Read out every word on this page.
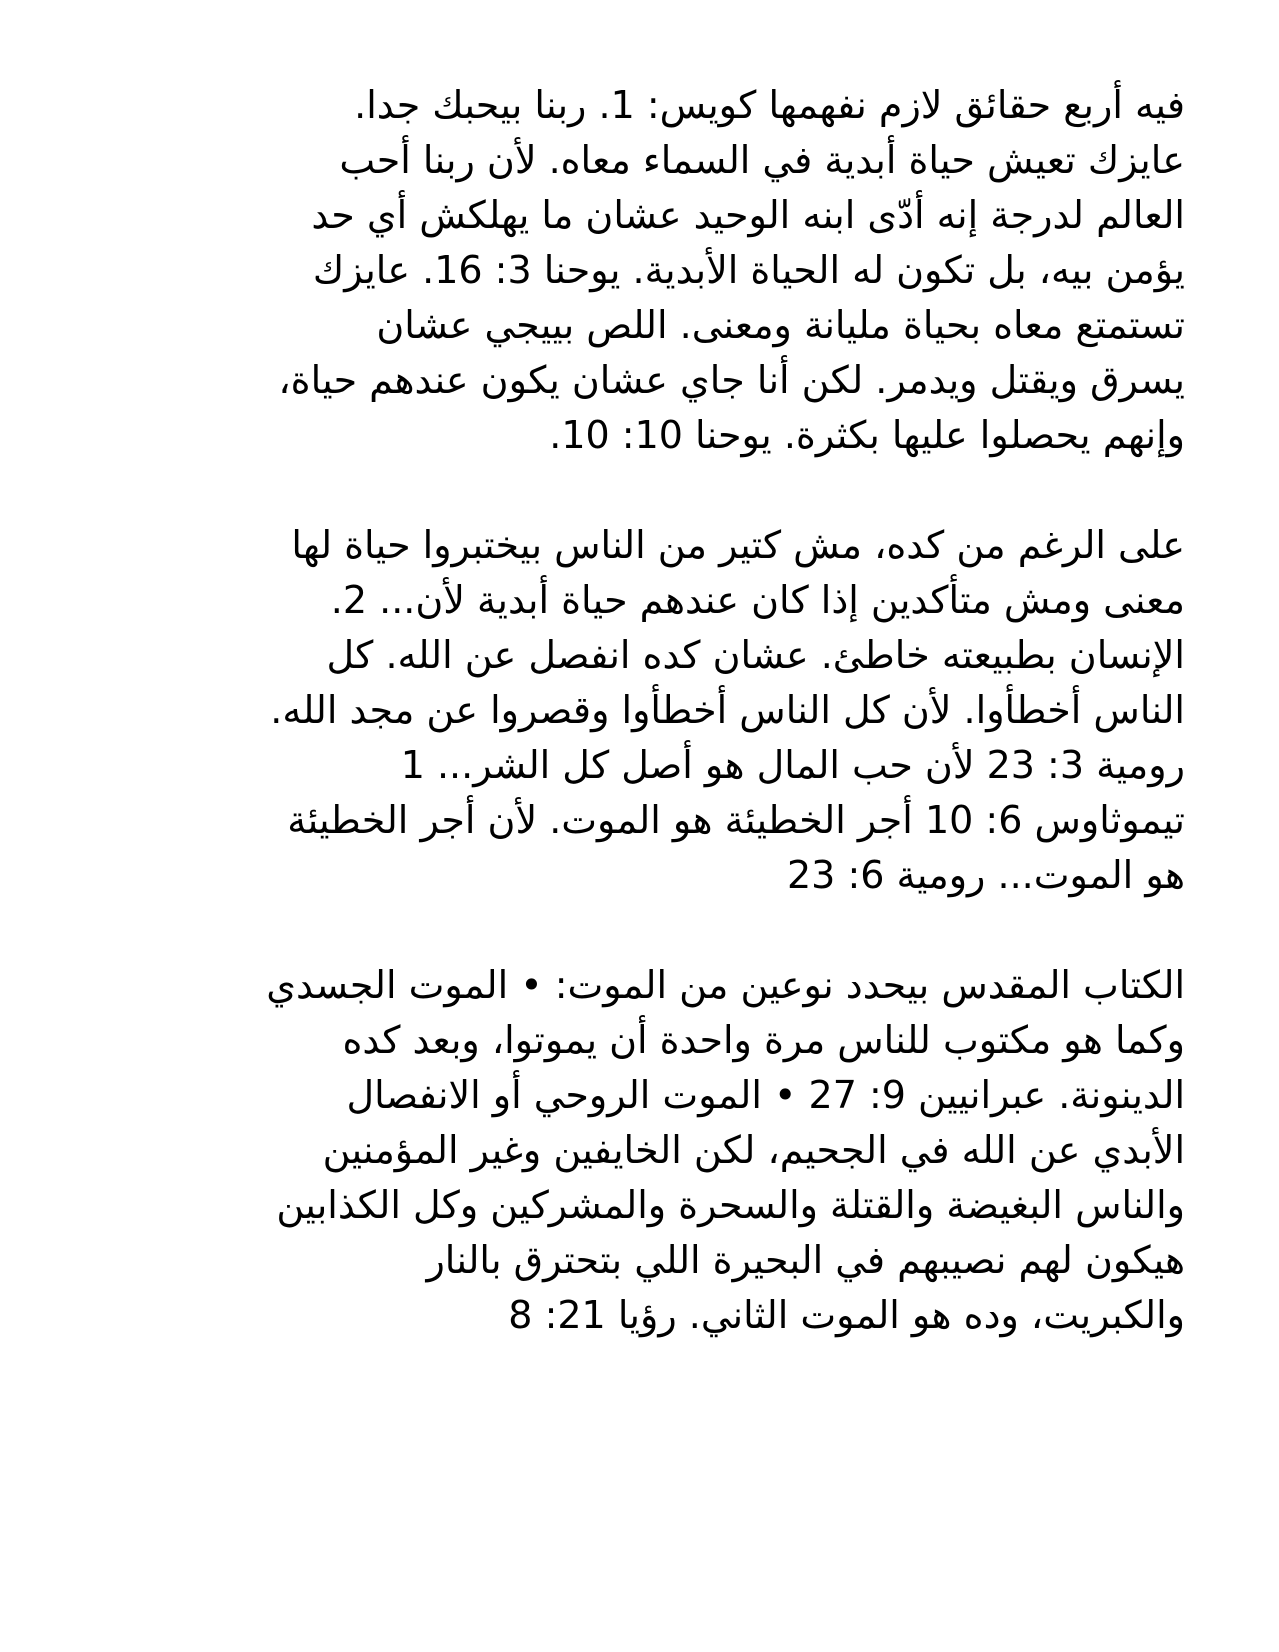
فيه أربع حقائق لازم نفهمها كويس: 1. ربنا بيحبك جدا.
عايزك تعيش حياة أبدية في السماء معاه. لأن ربنا أحب
العالم لدرجة إنه أدّى ابنه الوحيد عشان ما يهلكش أي حد
يؤمن بيه، بل تكون له الحياة الأبدية. يوحنا 3: 16. عايزك
تستمتع معاه بحياة مليانة ومعنى. اللص بييجي عشان
يسرق ويقتل ويدمر. لكن أنا جاي عشان يكون عندهم حياة،
وإنهم يحصلوا عليها بكثرة. يوحنا 10: 10.

على الرغم من كده، مش كتير من الناس بيختبروا حياة لها
معنى ومش متأكدين إذا كان عندهم حياة أبدية لأن... 2.
الإنسان بطبيعته خاطئ. عشان كده انفصل عن الله. كل
الناس أخطأوا. لأن كل الناس أخطأوا وقصروا عن مجد الله.
رومية 3: 23 لأن حب المال هو أصل كل الشر... 1
تيموثاوس 6: 10 أجر الخطيئة هو الموت. لأن أجر الخطيئة
هو الموت... رومية 6: 23

الكتاب المقدس بيحدد نوعين من الموت: • الموت الجسدي
وكما هو مكتوب للناس مرة واحدة أن يموتوا، وبعد كده
الدينونة. عبرانيين 9: 27 • الموت الروحي أو الانفصال
الأبدي عن الله في الجحيم، لكن الخايفين وغير المؤمنين
والناس البغيضة والقتلة والسحرة والمشركين وكل الكذابين
هيكون لهم نصيبهم في البحيرة اللي بتحترق بالنار
والكبريت، وده هو الموت الثاني. رؤيا 21: 8
